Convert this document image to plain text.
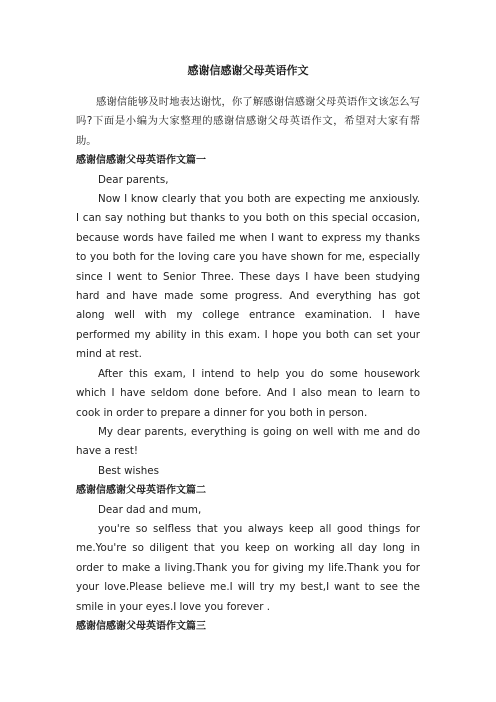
感谢信感谢父母英语作文

感谢信能够及时地表达谢忱，你了解感谢信感谢父母英语作文该怎么写吗?下面是小编为大家整理的感谢信感谢父母英语作文，希望对大家有帮助。

感谢信感谢父母英语作文篇一

Dear parents,

Now I know clearly that you both are expecting me anxiously. I can say nothing but thanks to you both on this special occasion, because words have failed me when I want to express my thanks to you both for the loving care you have shown for me, especially since I went to Senior Three. These days I have been studying hard and have made some progress. And everything has got along well with my college entrance examination. I have performed my ability in this exam. I hope you both can set your mind at rest.

After this exam, I intend to help you do some housework which I have seldom done before. And I also mean to learn to cook in order to prepare a dinner for you both in person.

My dear parents, everything is going on well with me and do have a rest!

Best wishes

感谢信感谢父母英语作文篇二

Dear dad and mum,

you're so selfless that you always keep all good things for me.You're so diligent that you keep on working all day long in order to make a living.Thank you for giving my life.Thank you for your love.Please believe me.I will try my best,I want to see the smile in your eyes.I love you forever .

感谢信感谢父母英语作文篇三
